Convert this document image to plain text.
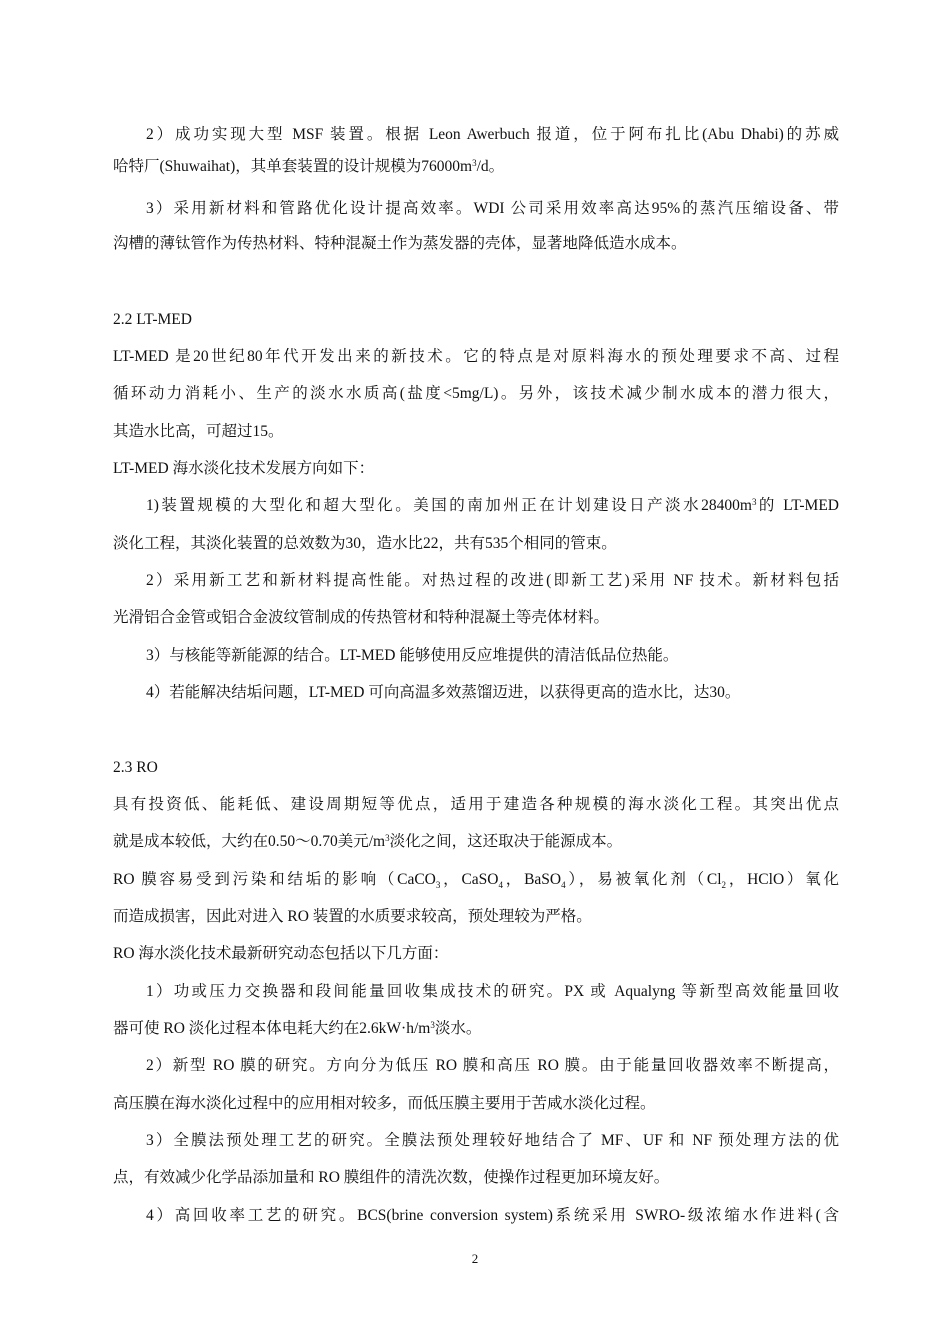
2）成功实现大型 MSF 装置。根据 Leon Awerbuch 报道，位于阿布扎比(Abu Dhabi)的苏威
哈特厂(Shuwaihat)，其单套装置的设计规模为$76000m^3/d$。
3）采用新材料和管路优化设计提高效率。WDI 公司采用效率高达95%的蒸汽压缩设备、带
沟槽的薄钛管作为传热材料、特种混凝土作为蒸发器的壳体，显著地降低造水成本。
2.2 LT-MED
LT-MED 是20世纪80年代开发出来的新技术。它的特点是对原料海水的预处理要求不高、过程
循环动力消耗小、生产的淡水水质高(盐度<5mg/L)。另外，该技术减少制水成本的潜力很大，
其造水比高，可超过15。
LT-MED 海水淡化技术发展方向如下：
1)装置规模的大型化和超大型化。美国的南加州正在计划建设日产淡水$28400m^3$的 LT-MED
淡化工程，其淡化装置的总效数为30，造水比22，共有535个相同的管束。
2）采用新工艺和新材料提高性能。对热过程的改进(即新工艺)采用 NF 技术。新材料包括
光滑铝合金管或铝合金波纹管制成的传热管材和特种混凝土等壳体材料。
3）与核能等新能源的结合。LT-MED 能够使用反应堆提供的清洁低品位热能。
4）若能解决结垢问题，LT-MED 可向高温多效蒸馏迈进，以获得更高的造水比，达30。
2.3 RO
具有投资低、能耗低、建设周期短等优点，适用于建造各种规模的海水淡化工程。其突出优点
就是成本较低，大约在0.50～0.70美元$/m^3$淡化之间，这还取决于能源成本。
RO 膜容易受到污染和结垢的影响（CaCO$_3$，CaSO$_4$，BaSO$_4$），易被氧化剂（$Cl_2$，HClO）氧化
而造成损害，因此对进入 RO 装置的水质要求较高，预处理较为严格。
RO 海水淡化技术最新研究动态包括以下几方面：
1）功或压力交换器和段间能量回收集成技术的研究。PX 或 Aqualyng 等新型高效能量回收
器可使 RO 淡化过程本体电耗大约在$2.6kW\cdot h/m^3$淡水。
2）新型 RO 膜的研究。方向分为低压 RO 膜和高压 RO 膜。由于能量回收器效率不断提高，
高压膜在海水淡化过程中的应用相对较多，而低压膜主要用于苦咸水淡化过程。
3）全膜法预处理工艺的研究。全膜法预处理较好地结合了 MF、UF 和 NF 预处理方法的优
点，有效减少化学品添加量和 RO 膜组件的清洗次数，使操作过程更加环境友好。
4）高回收率工艺的研究。BCS(brine conversion system)系统采用 SWRO-级浓缩水作进料(含
2
